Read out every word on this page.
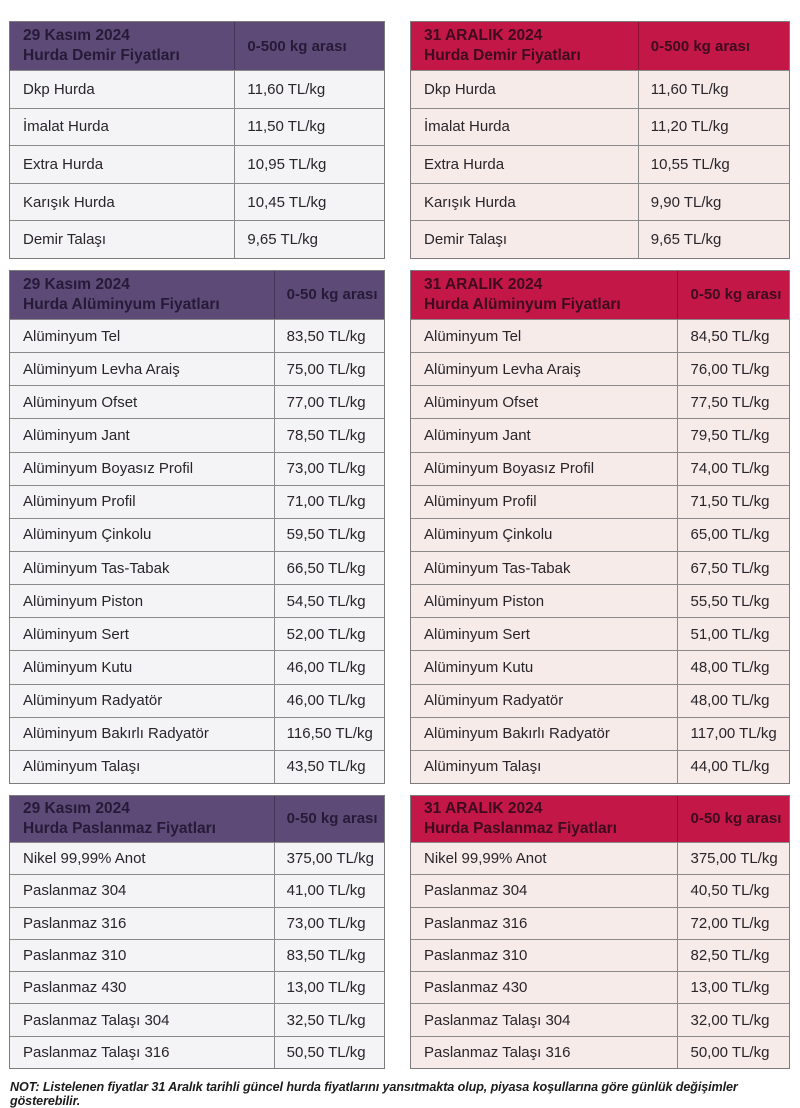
29 Kasım 2024
Hurda Demir Fiyatları
0-500 kg arası
Dkp Hurda	11,60 TL/kg
İmalat Hurda	11,50 TL/kg
Extra Hurda	10,95 TL/kg
Karışık Hurda	10,45 TL/kg
Demir Talaşı	9,65 TL/kg
31 ARALIK 2024
Hurda Demir Fiyatları
0-500 kg arası
Dkp Hurda	11,60 TL/kg
İmalat Hurda	11,20 TL/kg
Extra Hurda	10,55 TL/kg
Karışık Hurda	9,90 TL/kg
Demir Talaşı	9,65 TL/kg
29 Kasım 2024
Hurda Alüminyum Fiyatları
0-50 kg arası
Alüminyum Tel	83,50 TL/kg
Alüminyum Levha Araiş	75,00 TL/kg
Alüminyum Ofset	77,00 TL/kg
Alüminyum Jant	78,50 TL/kg
Alüminyum Boyasız Profil	73,00 TL/kg
Alüminyum Profil	71,00 TL/kg
Alüminyum Çinkolu	59,50 TL/kg
Alüminyum Tas-Tabak	66,50 TL/kg
Alüminyum Piston	54,50 TL/kg
Alüminyum Sert	52,00 TL/kg
Alüminyum Kutu	46,00 TL/kg
Alüminyum Radyatör	46,00 TL/kg
Alüminyum Bakırlı Radyatör	116,50 TL/kg
Alüminyum Talaşı	43,50 TL/kg
31 ARALIK 2024
Hurda Alüminyum Fiyatları
0-50 kg arası
Alüminyum Tel	84,50 TL/kg
Alüminyum Levha Araiş	76,00 TL/kg
Alüminyum Ofset	77,50 TL/kg
Alüminyum Jant	79,50 TL/kg
Alüminyum Boyasız Profil	74,00 TL/kg
Alüminyum Profil	71,50 TL/kg
Alüminyum Çinkolu	65,00 TL/kg
Alüminyum Tas-Tabak	67,50 TL/kg
Alüminyum Piston	55,50 TL/kg
Alüminyum Sert	51,00 TL/kg
Alüminyum Kutu	48,00 TL/kg
Alüminyum Radyatör	48,00 TL/kg
Alüminyum Bakırlı Radyatör	117,00 TL/kg
Alüminyum Talaşı	44,00 TL/kg
29 Kasım 2024
Hurda Paslanmaz Fiyatları
0-50 kg arası
Nikel 99,99% Anot	375,00 TL/kg
Paslanmaz 304	41,00 TL/kg
Paslanmaz 316	73,00 TL/kg
Paslanmaz 310	83,50 TL/kg
Paslanmaz 430	13,00 TL/kg
Paslanmaz Talaşı 304	32,50 TL/kg
Paslanmaz Talaşı 316	50,50 TL/kg
31 ARALIK 2024
Hurda Paslanmaz Fiyatları
0-50 kg arası
Nikel 99,99% Anot	375,00 TL/kg
Paslanmaz 304	40,50 TL/kg
Paslanmaz 316	72,00 TL/kg
Paslanmaz 310	82,50 TL/kg
Paslanmaz 430	13,00 TL/kg
Paslanmaz Talaşı 304	32,00 TL/kg
Paslanmaz Talaşı 316	50,00 TL/kg

NOT: Listelenen fiyatlar 31 Aralık tarihli güncel hurda fiyatlarını yansıtmakta olup, piyasa koşullarına göre günlük değişimler gösterebilir.
